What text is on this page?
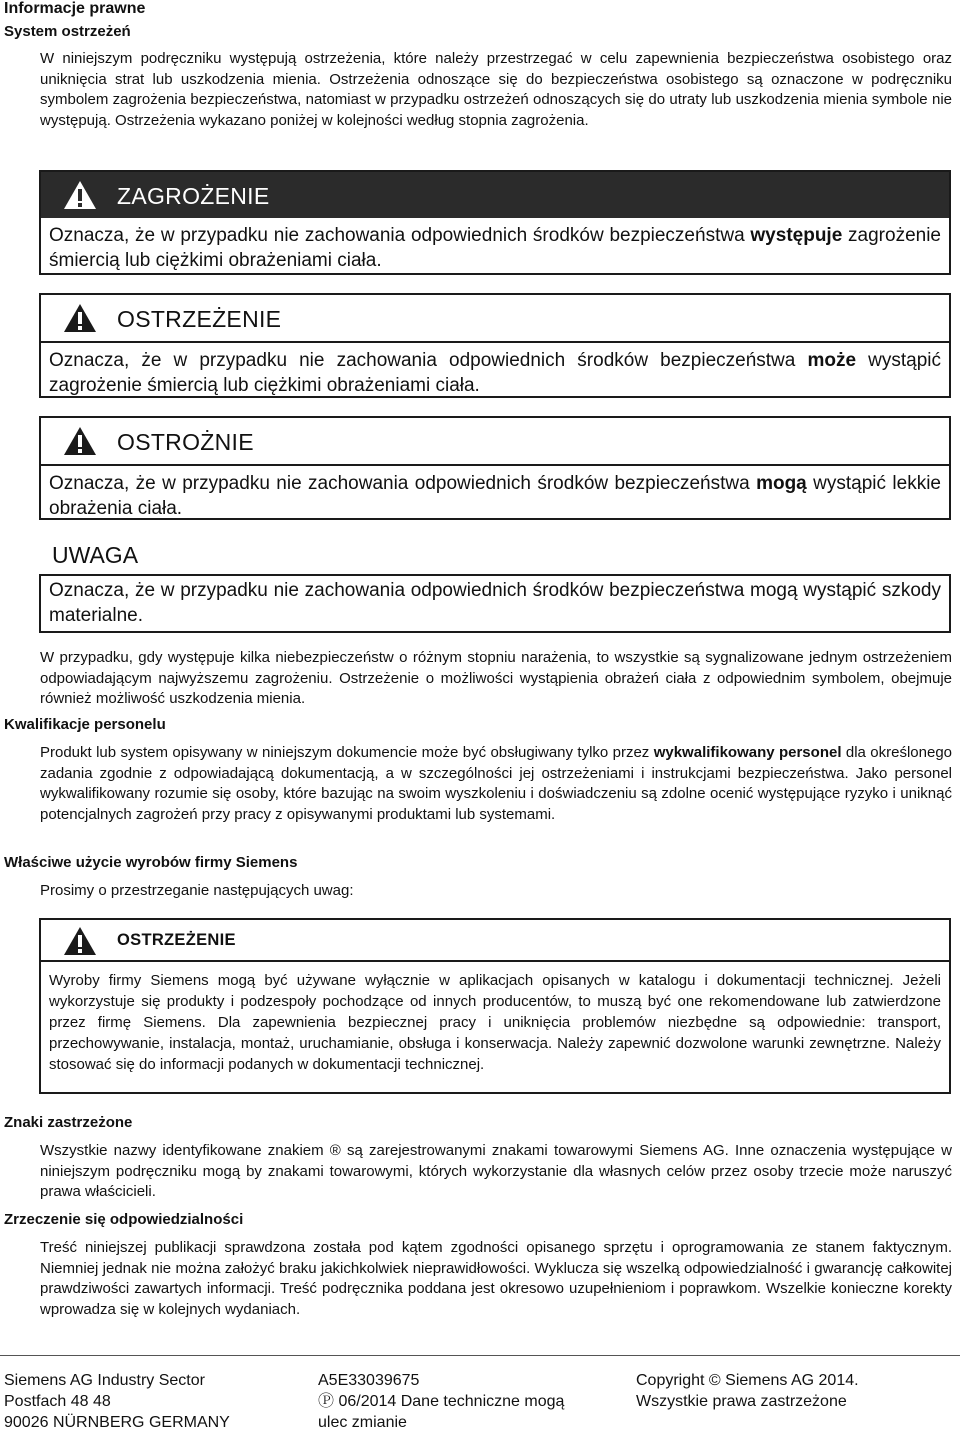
Informacje prawne
System ostrzeżeń

W niniejszym podręczniku występują ostrzeżenia, które należy przestrzegać w celu zapewnienia bezpieczeństwa osobistego oraz uniknięcia strat lub uszkodzenia mienia. Ostrzeżenia odnoszące się do bezpieczeństwa osobistego są oznaczone w podręczniku symbolem zagrożenia bezpieczeństwa, natomiast w przypadku ostrzeżeń odnoszących się do utraty lub uszkodzenia mienia symbole nie występują. Ostrzeżenia wykazano poniżej w kolejności według stopnia zagrożenia.

ZAGROŻENIE
Oznacza, że w przypadku nie zachowania odpowiednich środków bezpieczeństwa występuje zagrożenie śmiercią lub ciężkimi obrażeniami ciała.
OSTRZEŻENIE
Oznacza, że w przypadku nie zachowania odpowiednich środków bezpieczeństwa może wystąpić zagrożenie śmiercią lub ciężkimi obrażeniami ciała.
OSTROŻNIE
Oznacza, że w przypadku nie zachowania odpowiednich środków bezpieczeństwa mogą wystąpić lekkie obrażenia ciała.
UWAGA
Oznacza, że w przypadku nie zachowania odpowiednich środków bezpieczeństwa mogą wystąpić szkody materialne.

W przypadku, gdy występuje kilka niebezpieczeństw o różnym stopniu narażenia, to wszystkie są sygnalizowane jednym ostrzeżeniem odpowiadającym najwyższemu zagrożeniu. Ostrzeżenie o możliwości wystąpienia obrażeń ciała z odpowiednim symbolem, obejmuje również możliwość uszkodzenia mienia.

Kwalifikacje personelu

Produkt lub system opisywany w niniejszym dokumencie może być obsługiwany tylko przez wykwalifikowany personel dla określonego zadania zgodnie z odpowiadającą dokumentacją, a w szczególności jej ostrzeżeniami i instrukcjami bezpieczeństwa. Jako personel wykwalifikowany rozumie się osoby, które bazując na swoim wyszkoleniu i doświadczeniu są zdolne ocenić występujące ryzyko i uniknąć potencjalnych zagrożeń przy pracy z opisywanymi produktami lub systemami.

Właściwe użycie wyrobów firmy Siemens

Prosimy o przestrzeganie następujących uwag:

OSTRZEŻENIE
Wyroby firmy Siemens mogą być używane wyłącznie w aplikacjach opisanych w katalogu i dokumentacji technicznej. Jeżeli wykorzystuje się produkty i podzespoły pochodzące od innych producentów, to muszą być one rekomendowane lub zatwierdzone przez firmę Siemens. Dla zapewnienia bezpiecznej pracy i uniknięcia problemów niezbędne są odpowiednie: transport, przechowywanie, instalacja, montaż, uruchamianie, obsługa i konserwacja. Należy zapewnić dozwolone warunki zewnętrzne. Należy stosować się do informacji podanych w dokumentacji technicznej.
Znaki zastrzeżone

Wszystkie nazwy identyfikowane znakiem ® są zarejestrowanymi znakami towarowymi Siemens AG. Inne oznaczenia występujące w niniejszym podręczniku mogą by znakami towarowymi, których wykorzystanie dla własnych celów przez osoby trzecie może naruszyć prawa właścicieli.

Zrzeczenie się odpowiedzialności

Treść niniejszej publikacji sprawdzona została pod kątem zgodności opisanego sprzętu i oprogramowania ze stanem faktycznym. Niemniej jednak nie można założyć braku jakichkolwiek nieprawidłowości. Wyklucza się wszelką odpowiedzialność i gwarancję całkowitej prawdziwości zawartych informacji. Treść podręcznika poddana jest okresowo uzupełnieniom i poprawkom. Wszelkie konieczne korekty wprowadza się w kolejnych wydaniach.

Siemens AG Industry Sector
Postfach 48 48
90026 NÜRNBERG GERMANY
A5E33039675
Ⓟ 06/2014 Dane techniczne mogą
ulec zmianie
Copyright © Siemens AG 2014.
Wszystkie prawa zastrzeżone
